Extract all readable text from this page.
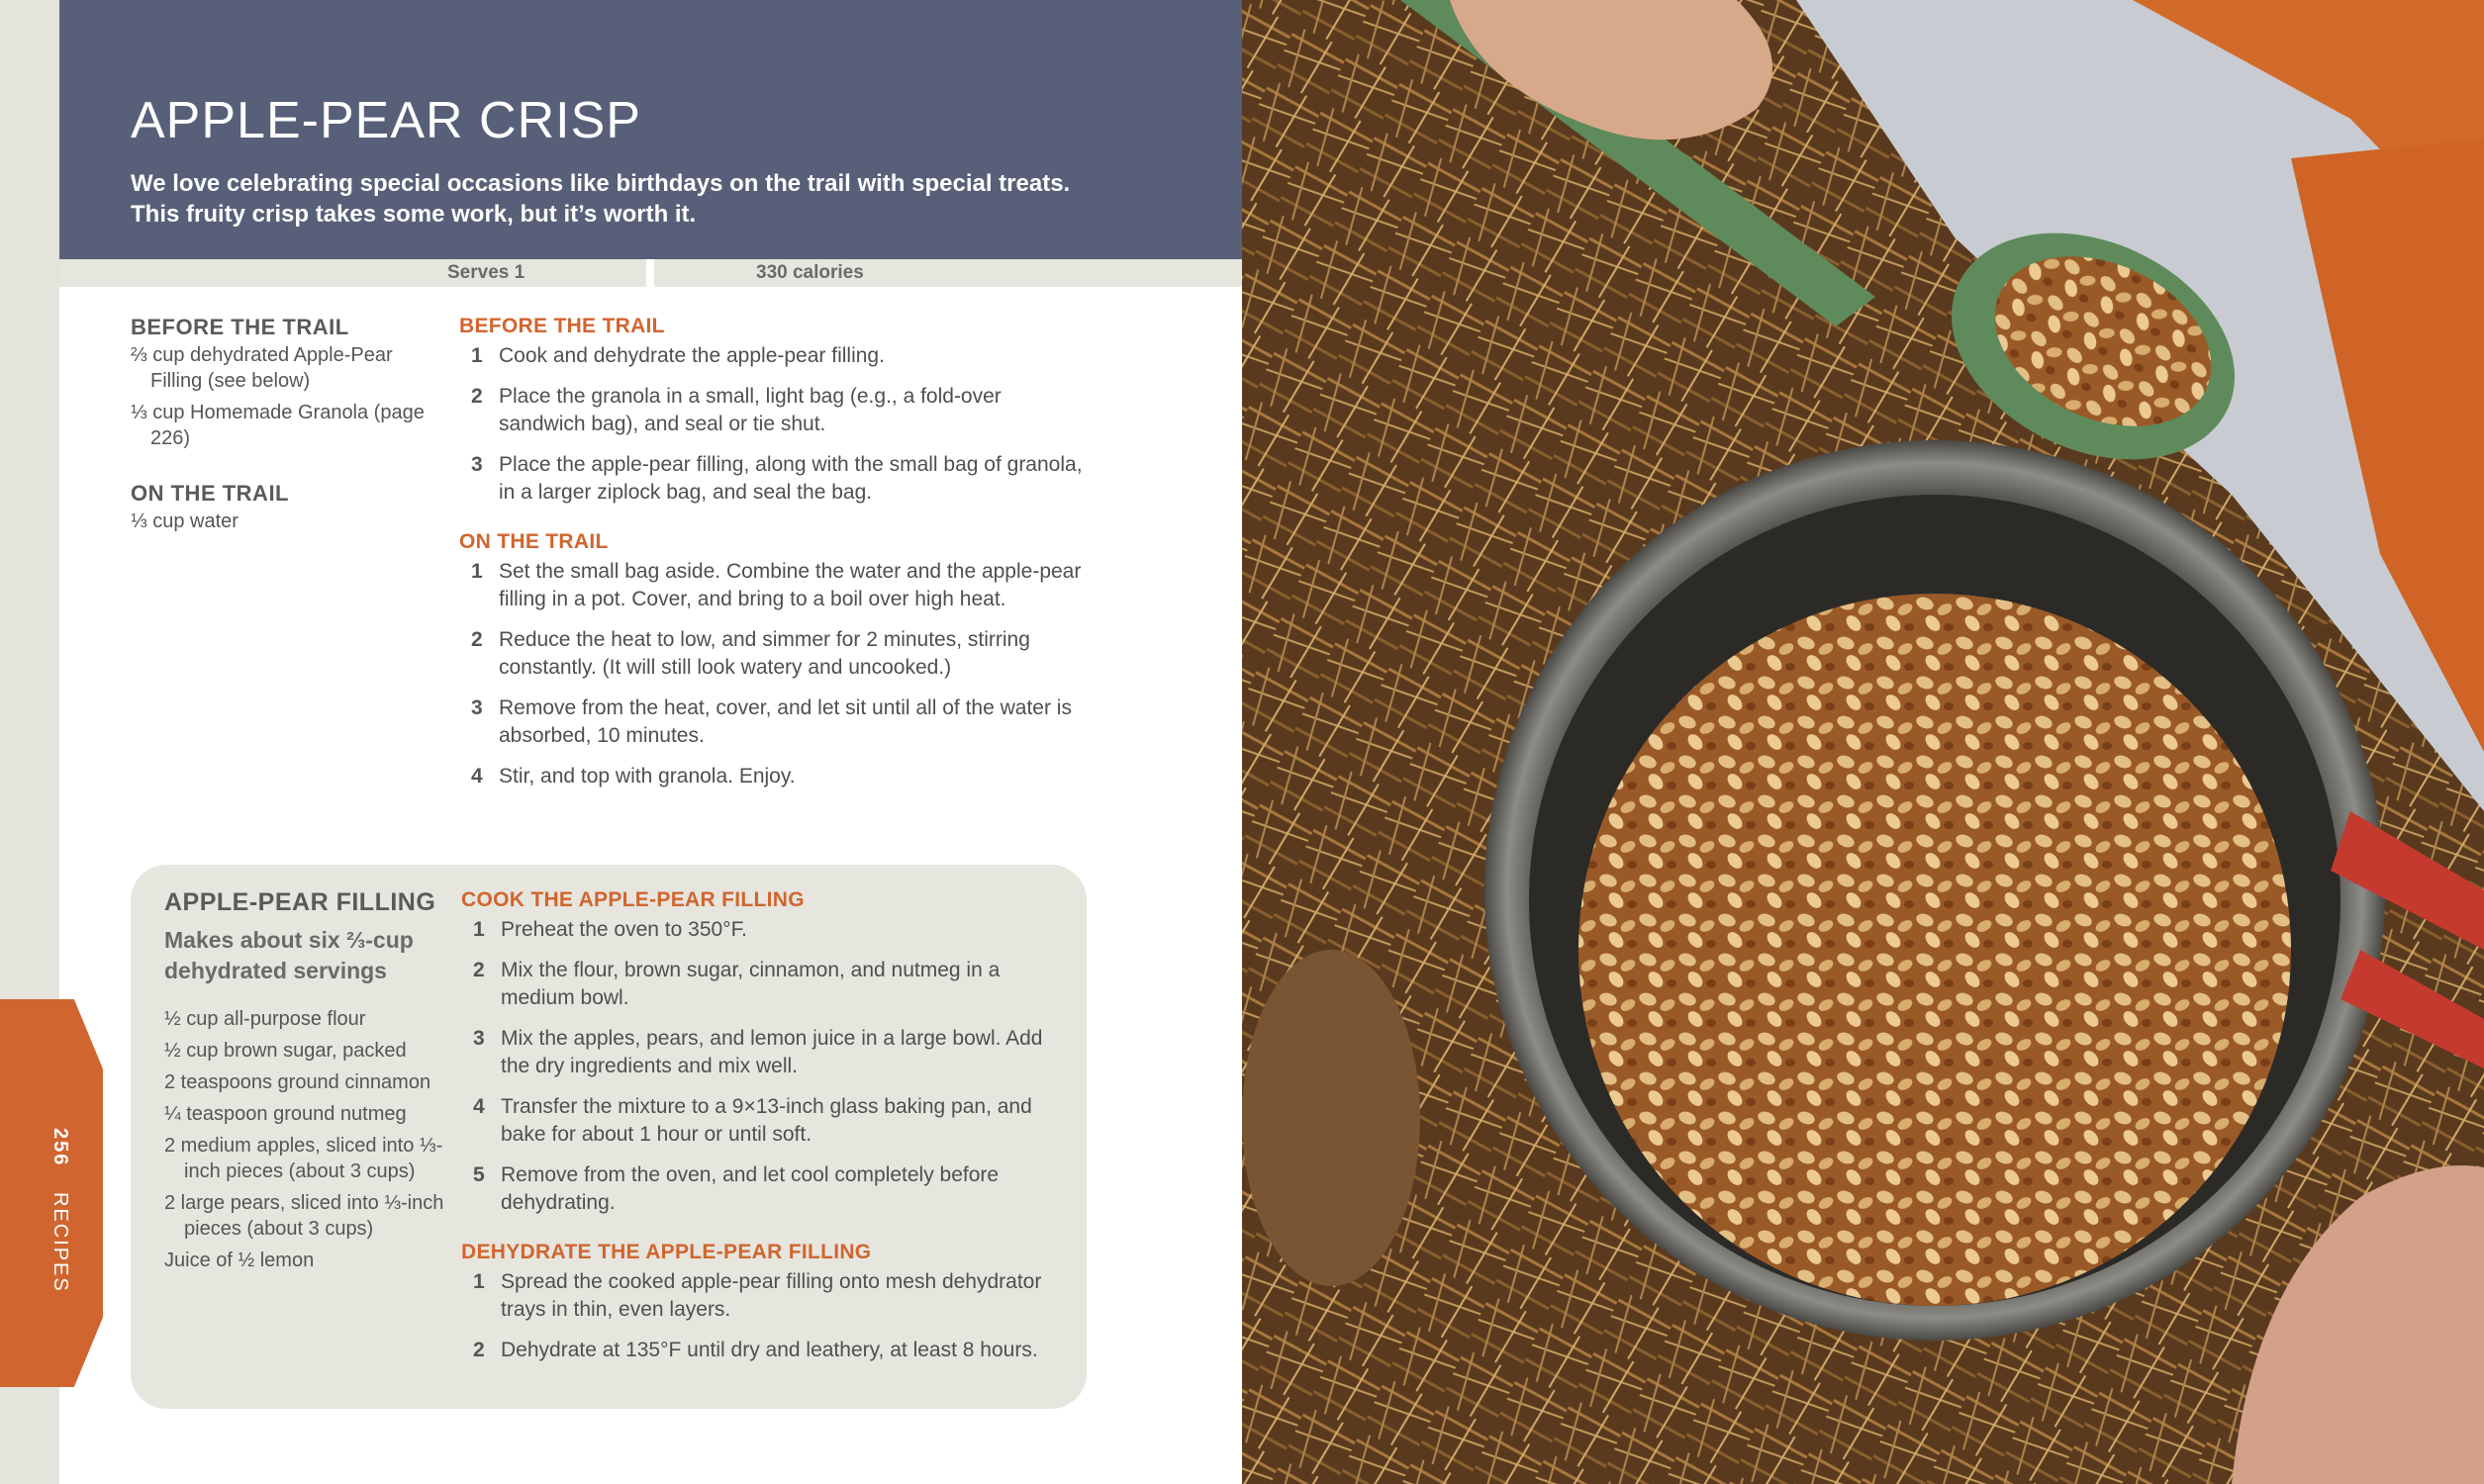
256 RECIPES
APPLE-PEAR CRISP

We love celebrating special occasions like birthdays on the trail with special treats. This fruity crisp takes some work, but it’s worth it.

Serves 1	330 calories
BEFORE THE TRAIL

⅔ cup dehydrated Apple-Pear Filling (see below)

⅓ cup Homemade Granola (page 226)

ON THE TRAIL

⅓ cup water

BEFORE THE TRAIL
1 Cook and dehydrate the apple-pear filling.
2 Place the granola in a small, light bag (e.g., a fold-over sandwich bag), and seal or tie shut.
3 Place the apple-pear filling, along with the small bag of granola, in a larger ziplock bag, and seal the bag.
ON THE TRAIL
1 Set the small bag aside. Combine the water and the apple-pear filling in a pot. Cover, and bring to a boil over high heat.
2 Reduce the heat to low, and simmer for 2 minutes, stirring constantly. (It will still look watery and uncooked.)
3 Remove from the heat, cover, and let sit until all of the water is absorbed, 10 minutes.
4 Stir, and top with granola. Enjoy.
APPLE-PEAR FILLING

Makes about six ⅔-cup dehydrated servings

½ cup all-purpose flour

½ cup brown sugar, packed

2 teaspoons ground cinnamon

¼ teaspoon ground nutmeg

2 medium apples, sliced into ⅓-inch pieces (about 3 cups)

2 large pears, sliced into ⅓-inch pieces (about 3 cups)

Juice of ½ lemon

COOK THE APPLE-PEAR FILLING
1 Preheat the oven to 350°F.
2 Mix the flour, brown sugar, cinnamon, and nutmeg in a medium bowl.
3 Mix the apples, pears, and lemon juice in a large bowl. Add the dry ingredients and mix well.
4 Transfer the mixture to a 9×13-inch glass baking pan, and bake for about 1 hour or until soft.
5 Remove from the oven, and let cool completely before dehydrating.
DEHYDRATE THE APPLE-PEAR FILLING
1 Spread the cooked apple-pear filling onto mesh dehydrator trays in thin, even layers.
2 Dehydrate at 135°F until dry and leathery, at least 8 hours.
